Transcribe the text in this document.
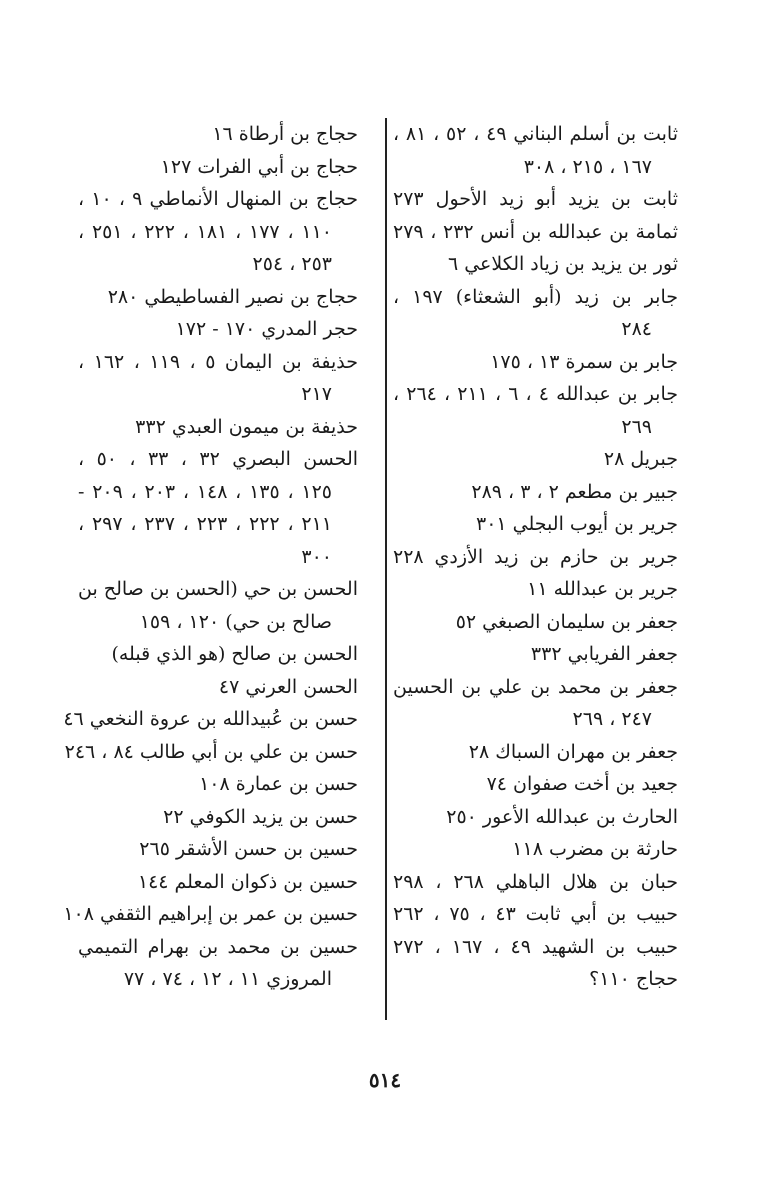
ثابت بن أسلم البناني ٤٩ ، ٥٢ ، ٨١ ،
١٦٧ ، ٢١٥ ، ٣٠٨
ثابت بن يزيد أبو زيد الأحول ٢٧٣
ثمامة بن عبدالله بن أنس ٢٣٢ ، ٢٧٩
ثور بن يزيد بن زياد الكلاعي ٦
جابر بن زيد (أبو الشعثاء) ١٩٧ ،
٢٨٤
جابر بن سمرة ١٣ ، ١٧٥
جابر بن عبدالله ٤ ، ٦ ، ٢١١ ، ٢٦٤ ،
٢٦٩
جبريل ٢٨
جبير بن مطعم ٢ ، ٣ ، ٢٨٩
جرير بن أيوب البجلي ٣٠١
جرير بن حازم بن زيد الأزدي ٢٢٨
جرير بن عبدالله ١١
جعفر بن سليمان الصبغي ٥٢
جعفر الفريابي ٣٣٢
جعفر بن محمد بن علي بن الحسين
٢٤٧ ، ٢٦٩
جعفر بن مهران السباك ٢٨
جعيد بن أخت صفوان ٧٤
الحارث بن عبدالله الأعور ٢٥٠
حارثة بن مضرب ١١٨
حبان بن هلال الباهلي ٢٦٨ ، ٢٩٨
حبيب بن أبي ثابت ٤٣ ، ٧٥ ، ٢٦٢
حبيب بن الشهيد ٤٩ ، ١٦٧ ، ٢٧٢
حجاج ١١٠؟
حجاج بن أرطاة ١٦
حجاج بن أبي الفرات ١٢٧
حجاج بن المنهال الأنماطي ٩ ، ١٠ ،
١١٠ ، ١٧٧ ، ١٨١ ، ٢٢٢ ، ٢٥١ ،
٢٥٣ ، ٢٥٤
حجاج بن نصير الفساطيطي ٢٨٠
حجر المدري ١٧٠ - ١٧٢
حذيفة بن اليمان ٥ ، ١١٩ ، ١٦٢ ،
٢١٧
حذيفة بن ميمون العبدي ٣٣٢
الحسن البصري ٣٢ ، ٣٣ ، ٥٠ ،
١٢٥ ، ١٣٥ ، ١٤٨ ، ٢٠٣ ، ٢٠٩ -
٢١١ ، ٢٢٢ ، ٢٢٣ ، ٢٣٧ ، ٢٩٧ ،
٣٠٠
الحسن بن حي (الحسن بن صالح بن
صالح بن حي) ١٢٠ ، ١٥٩
الحسن بن صالح (هو الذي قبله)
الحسن العرني ٤٧
حسن بن عُبيدالله بن عروة النخعي ٤٦
حسن بن علي بن أبي طالب ٨٤ ، ٢٤٦
حسن بن عمارة ١٠٨
حسن بن يزيد الكوفي ٢٢
حسين بن حسن الأشقر ٢٦٥
حسين بن ذكوان المعلم ١٤٤
حسين بن عمر بن إبراهيم الثقفي ١٠٨
حسين بن محمد بن بهرام التميمي
المروزي ١١ ، ١٢ ، ٧٤ ، ٧٧
٥١٤
